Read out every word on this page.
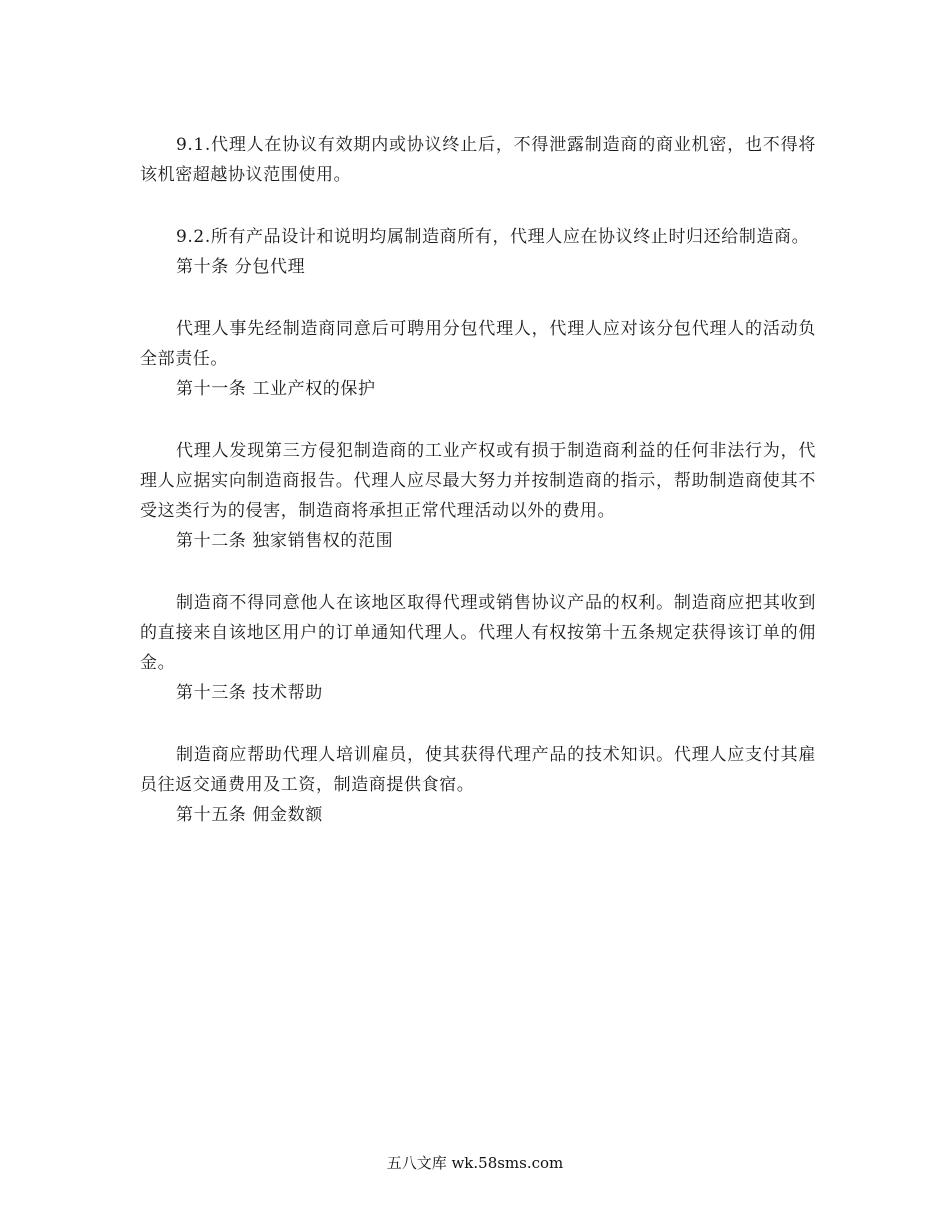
9.1.代理人在协议有效期内或协议终止后，不得泄露制造商的商业机密，也不得将该机密超越协议范围使用。

9.2.所有产品设计和说明均属制造商所有，代理人应在协议终止时归还给制造商。

第十条 分包代理

代理人事先经制造商同意后可聘用分包代理人，代理人应对该分包代理人的活动负全部责任。

第十一条 工业产权的保护

代理人发现第三方侵犯制造商的工业产权或有损于制造商利益的任何非法行为，代理人应据实向制造商报告。代理人应尽最大努力并按制造商的指示，帮助制造商使其不受这类行为的侵害，制造商将承担正常代理活动以外的费用。

第十二条 独家销售权的范围

制造商不得同意他人在该地区取得代理或销售协议产品的权利。制造商应把其收到的直接来自该地区用户的订单通知代理人。代理人有权按第十五条规定获得该订单的佣金。

第十三条 技术帮助

制造商应帮助代理人培训雇员，使其获得代理产品的技术知识。代理人应支付其雇员往返交通费用及工资，制造商提供食宿。

第十五条 佣金数额

五八文库 wk.58sms.com
